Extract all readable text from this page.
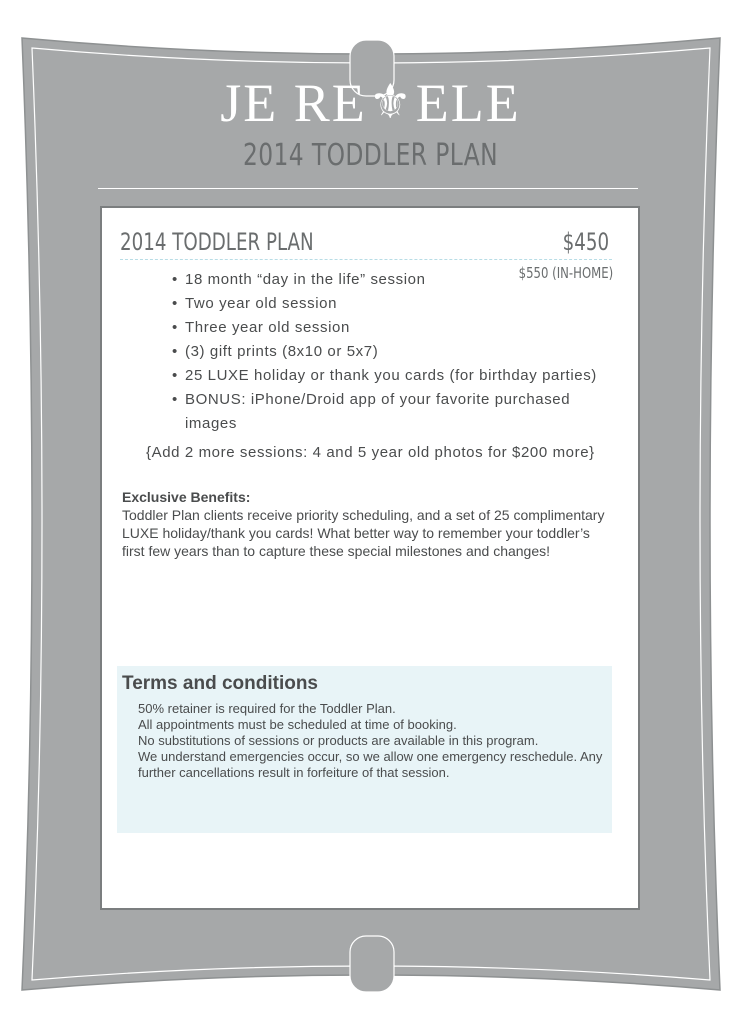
JE RE⚜ELE
2014 TODDLER PLAN
2014 TODDLER PLAN	$450
$550 (IN-HOME)
• 18 month “day in the life” session
• Two year old session
• Three year old session
• (3) gift prints (8x10 or 5x7)
• 25 LUXE holiday or thank you cards (for birthday parties)
• BONUS: iPhone/Droid app of your favorite purchased images
{Add 2 more sessions: 4 and 5 year old photos for $200 more}
Exclusive Benefits:
Toddler Plan clients receive priority scheduling, and a set of 25 complimentary LUXE holiday/thank you cards! What better way to remember your toddler’s first few years than to capture these special milestones and changes!
Terms and conditions
50% retainer is required for the Toddler Plan.
All appointments must be scheduled at time of booking.
No substitutions of sessions or products are available in this program.
We understand emergencies occur, so we allow one emergency reschedule. Any further cancellations result in forfeiture of that session.
